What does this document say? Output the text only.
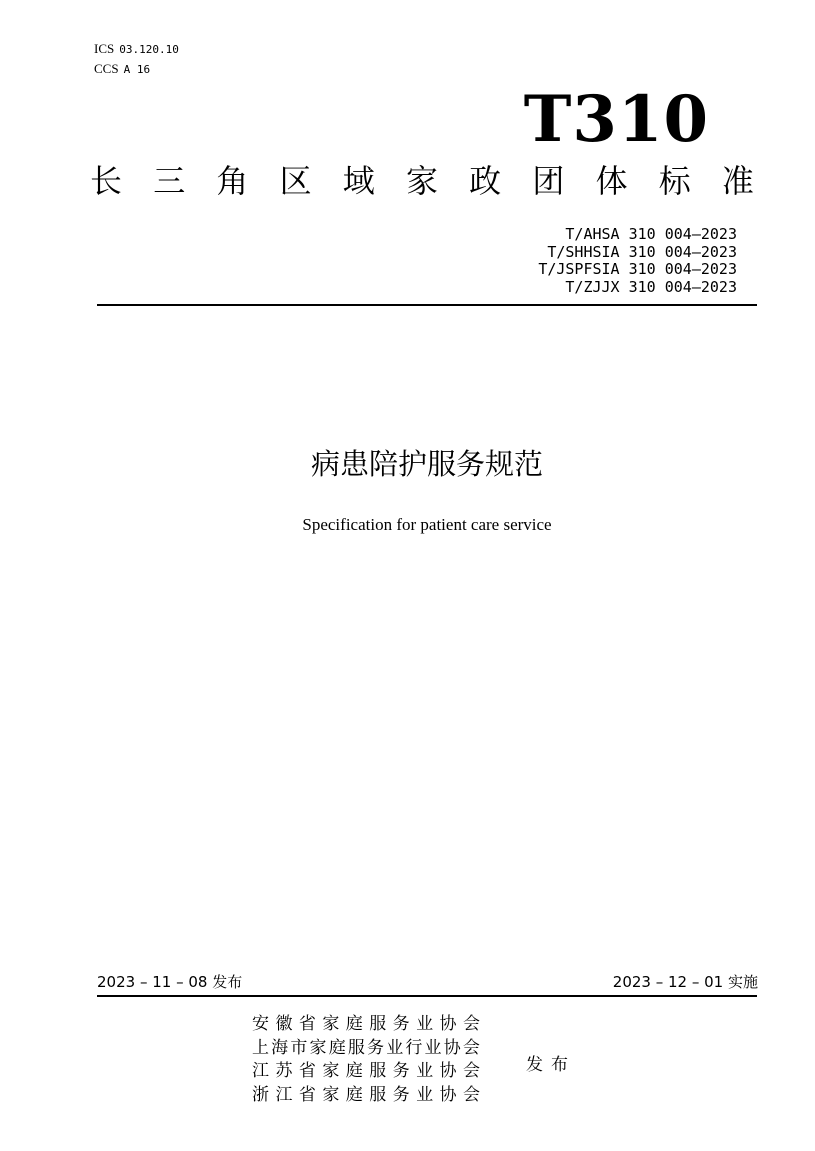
ICS 03.120.10
CCS A 16
T310
长 三 角 区 域 家 政 团 体 标 准
T/AHSA 310 004—2023
T/SHHSIA 310 004—2023
T/JSPFSIA 310 004—2023
T/ZJJX 310 004—2023
病患陪护服务规范
Specification for patient care service
2023 – 11 – 08 发布	2023 – 12 – 01 实施
安 徽 省 家 庭 服 务 业 协 会
上 海 市 家 庭 服 务 业 行 业 协 会
江 苏 省 家 庭 服 务 业 协 会
浙 江 省 家 庭 服 务 业 协 会
发布
